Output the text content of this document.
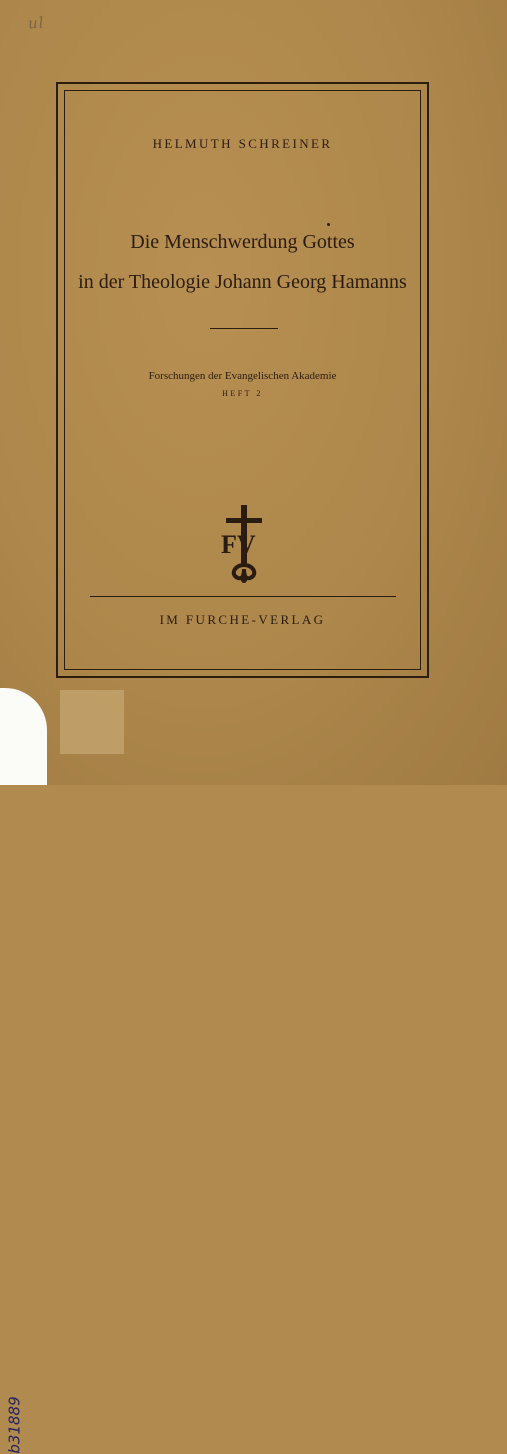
ul
HELMUTH SCHREINER
Die Menschwerdung Gottes
in der Theologie Johann Georg Hamanns
Forschungen der Evangelischen Akademie
HEFT 2
FV
IM FURCHE-VERLAG
b31889
